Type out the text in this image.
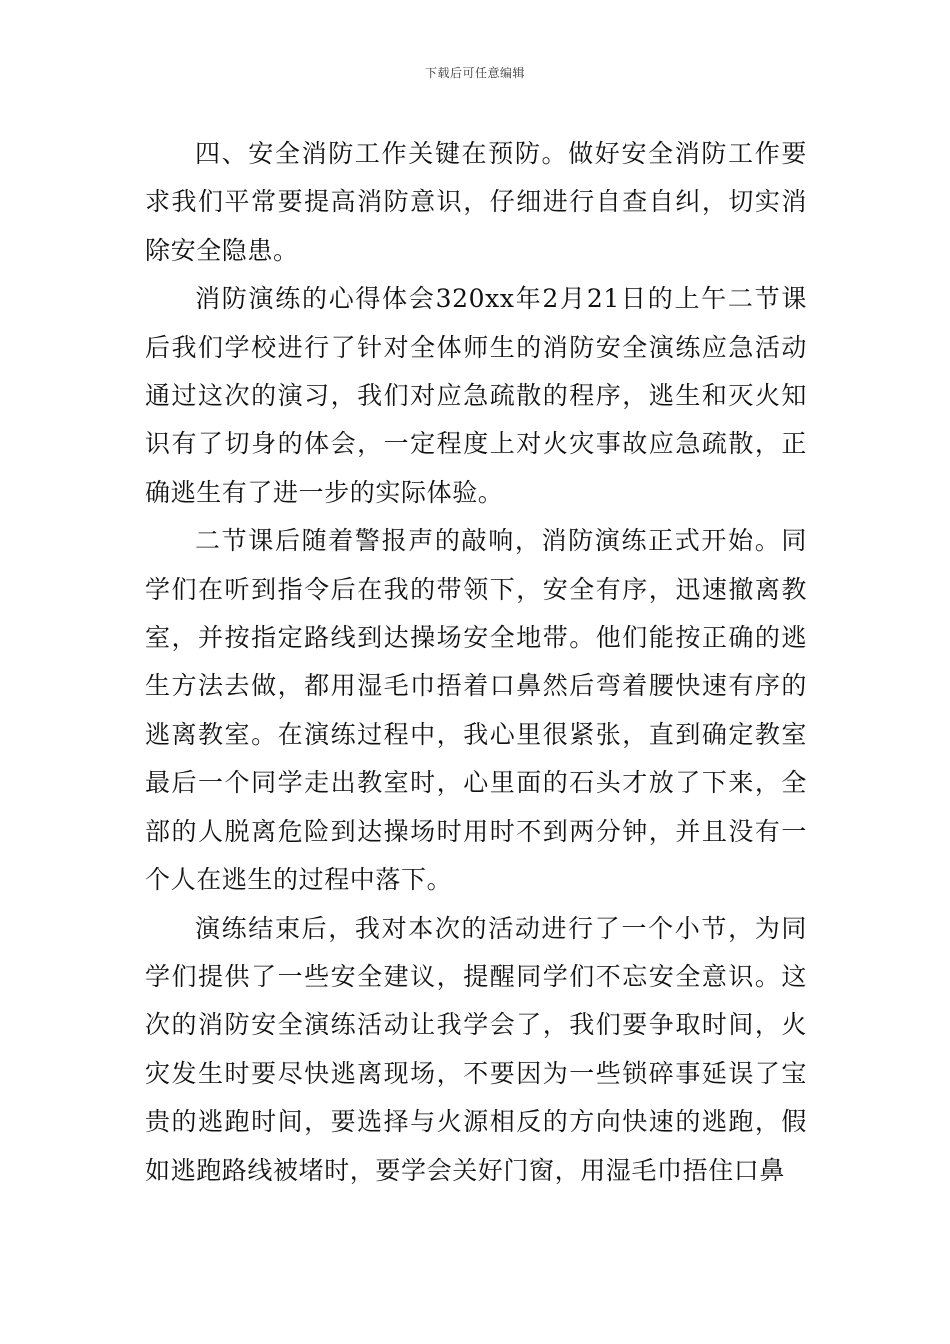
下载后可任意编辑

四、安全消防工作关键在预防。做好安全消防工作要求我们平常要提高消防意识，仔细进行自查自纠，切实消除安全隐患。

消防演练的心得体会320xx年2月21日的上午二节课后我们学校进行了针对全体师生的消防安全演练应急活动通过这次的演习，我们对应急疏散的程序，逃生和灭火知识有了切身的体会，一定程度上对火灾事故应急疏散，正确逃生有了进一步的实际体验。

二节课后随着警报声的敲响，消防演练正式开始。同学们在听到指令后在我的带领下，安全有序，迅速撤离教室，并按指定路线到达操场安全地带。他们能按正确的逃生方法去做，都用湿毛巾捂着口鼻然后弯着腰快速有序的逃离教室。在演练过程中，我心里很紧张，直到确定教室最后一个同学走出教室时，心里面的石头才放了下来，全部的人脱离危险到达操场时用时不到两分钟，并且没有一个人在逃生的过程中落下。

演练结束后，我对本次的活动进行了一个小节，为同学们提供了一些安全建议，提醒同学们不忘安全意识。这次的消防安全演练活动让我学会了，我们要争取时间，火灾发生时要尽快逃离现场，不要因为一些锁碎事延误了宝贵的逃跑时间，要选择与火源相反的方向快速的逃跑，假如逃跑路线被堵时，要学会关好门窗，用湿毛巾捂住口鼻
